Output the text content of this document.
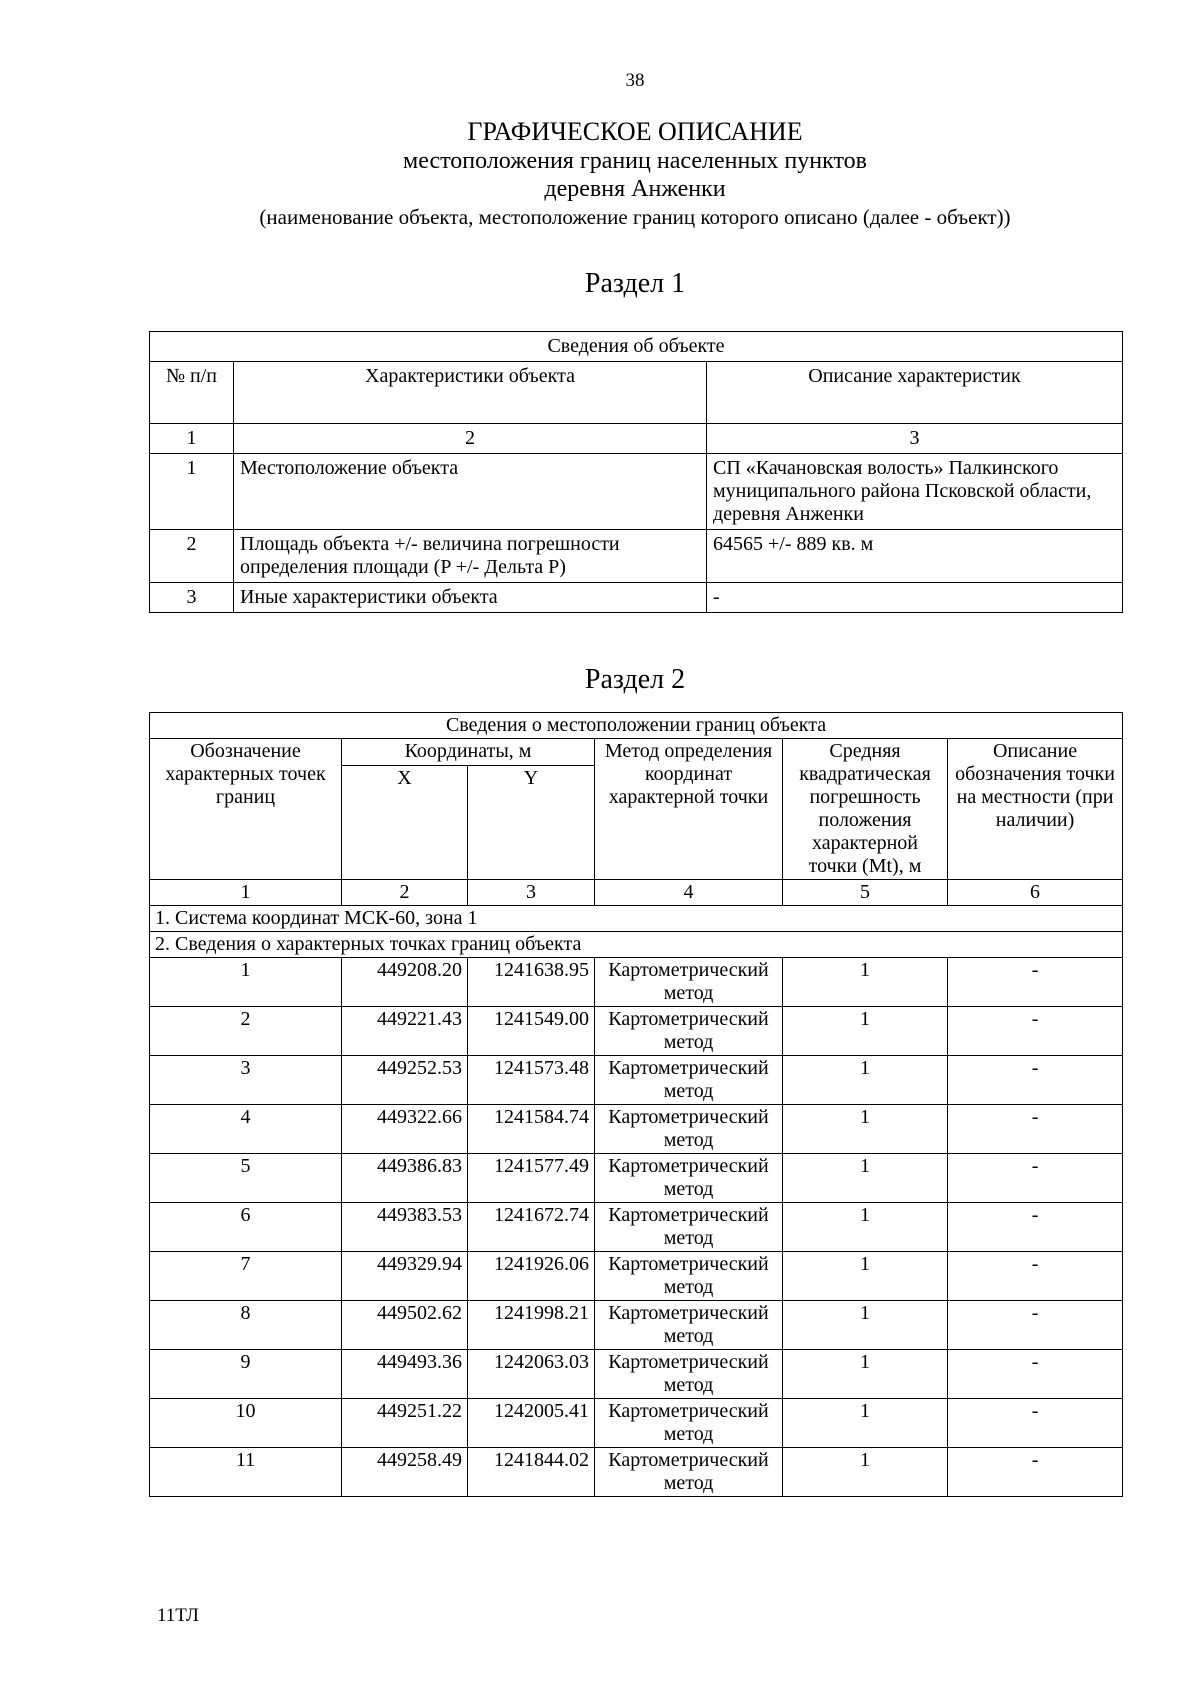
38
ГРАФИЧЕСКОЕ ОПИСАНИЕ
местоположения границ населенных пунктов
деревня Анженки
(наименование объекта, местоположение границ которого описано (далее - объект))
Раздел 1
Сведения об объекте		
№ п/п	Характеристики объекта	Описание характеристик
1	2	3
1	Местоположение объекта	СП «Качановская волость» Палкинского муниципального района Псковской области, деревня Анженки
2	Площадь объекта +/- величина погрешности определения площади (P +/- Дельта P)	64565 +/- 889 кв. м
3	Иные характеристики объекта	-
Раздел 2
Сведения о местоположении границ объекта					
Обозначение характерных точек границ	Координаты, м		Метод определения координат характерной точки	Средняя квадратическая погрешность положения характерной точки (Mt), м	Описание обозначения точки на местности (при наличии)
	X	Y			
1	2	3	4	5	6
1. Система координат МСК-60, зона 1					
2. Сведения о характерных точках границ объекта					
1	449208.20	1241638.95	Картометрический метод	1	-
2	449221.43	1241549.00	Картометрический метод	1	-
3	449252.53	1241573.48	Картометрический метод	1	-
4	449322.66	1241584.74	Картометрический метод	1	-
5	449386.83	1241577.49	Картометрический метод	1	-
6	449383.53	1241672.74	Картометрический метод	1	-
7	449329.94	1241926.06	Картометрический метод	1	-
8	449502.62	1241998.21	Картометрический метод	1	-
9	449493.36	1242063.03	Картометрический метод	1	-
10	449251.22	1242005.41	Картометрический метод	1	-
11	449258.49	1241844.02	Картометрический метод	1	-
11ТЛ
